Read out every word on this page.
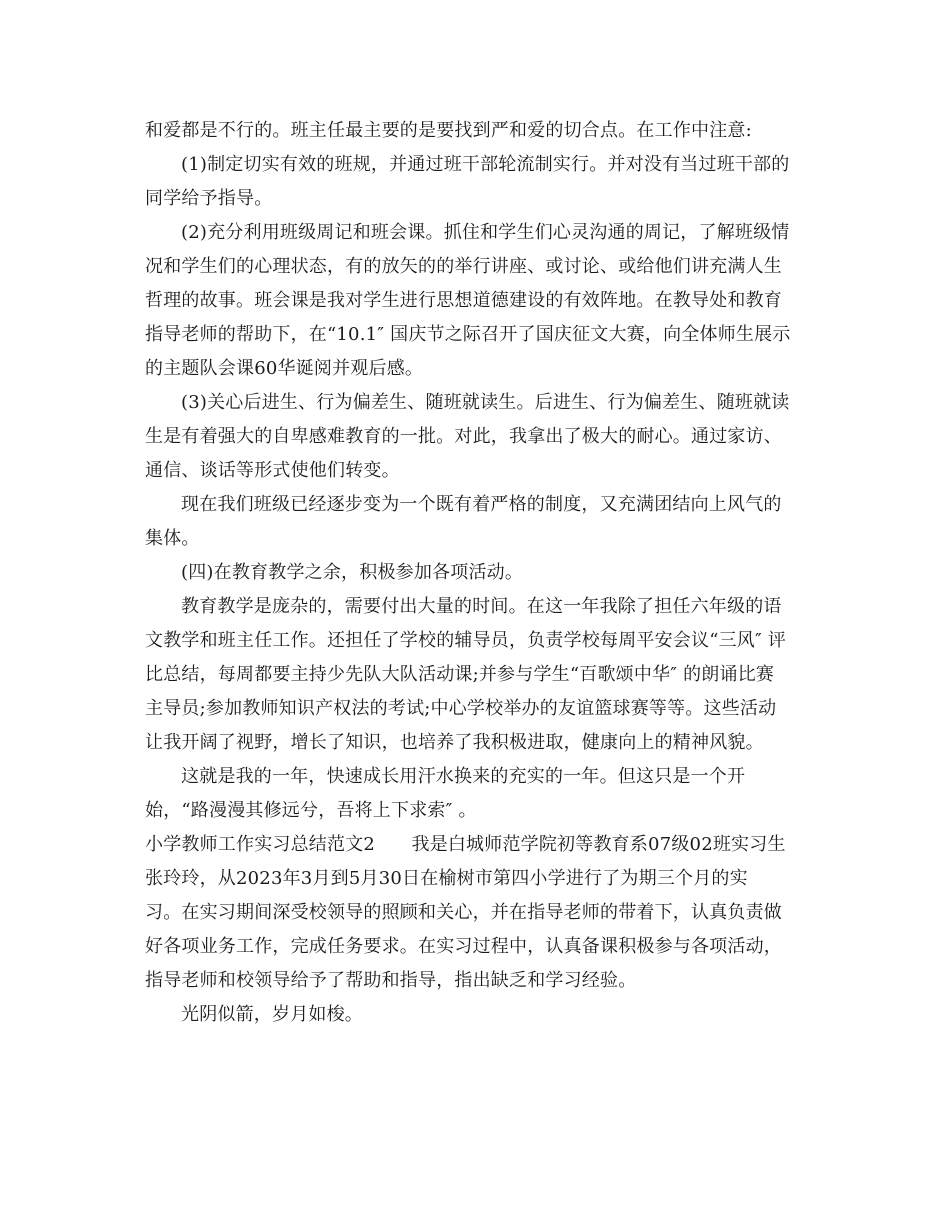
和爱都是不行的。班主任最主要的是要找到严和爱的切合点。在工作中注意:
(1)制定切实有效的班规，并通过班干部轮流制实行。并对没有当过班干部的
同学给予指导。
(2)充分利用班级周记和班会课。抓住和学生们心灵沟通的周记，了解班级情
况和学生们的心理状态，有的放矢的的举行讲座、或讨论、或给他们讲充满人生
哲理的故事。班会课是我对学生进行思想道德建设的有效阵地。在教导处和教育
指导老师的帮助下，在“10.1″ 国庆节之际召开了国庆征文大赛，向全体师生展示
的主题队会课60华诞阅并观后感。
(3)关心后进生、行为偏差生、随班就读生。后进生、行为偏差生、随班就读
生是有着强大的自卑感难教育的一批。对此，我拿出了极大的耐心。通过家访、
通信、谈话等形式使他们转变。
现在我们班级已经逐步变为一个既有着严格的制度，又充满团结向上风气的
集体。
(四)在教育教学之余，积极参加各项活动。
教育教学是庞杂的，需要付出大量的时间。在这一年我除了担任六年级的语
文教学和班主任工作。还担任了学校的辅导员，负责学校每周平安会议“三风″ 评
比总结，每周都要主持少先队大队活动课;并参与学生“百歌颂中华″ 的朗诵比赛
主导员;参加教师知识产权法的考试;中心学校举办的友谊篮球赛等等。这些活动
让我开阔了视野，增长了知识，也培养了我积极进取，健康向上的精神风貌。
这就是我的一年，快速成长用汗水换来的充实的一年。但这只是一个开
始，“路漫漫其修远兮，吾将上下求索″ 。
小学教师工作实习总结范文2　　我是白城师范学院初等教育系07级02班实习生
张玲玲，从2023年3月到5月30日在榆树市第四小学进行了为期三个月的实
习。在实习期间深受校领导的照顾和关心，并在指导老师的带着下，认真负责做
好各项业务工作，完成任务要求。在实习过程中，认真备课积极参与各项活动，
指导老师和校领导给予了帮助和指导，指出缺乏和学习经验。
光阴似箭，岁月如梭。
